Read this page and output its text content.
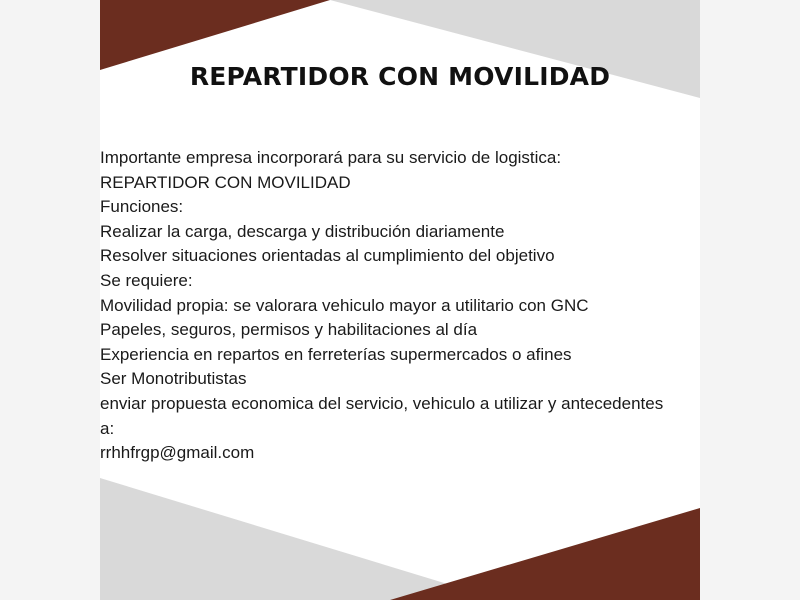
REPARTIDOR CON MOVILIDAD
Importante empresa incorporará para su servicio de logistica:
REPARTIDOR CON MOVILIDAD
Funciones:
Realizar la carga, descarga y distribución diariamente
Resolver situaciones orientadas al cumplimiento del objetivo
Se requiere:
Movilidad propia: se valorara vehiculo mayor a utilitario con GNC
Papeles, seguros, permisos y habilitaciones al día
Experiencia en repartos en ferreterías supermercados o afines
Ser Monotributistas
enviar propuesta economica del servicio, vehiculo a utilizar y antecedentes
a:
rrhhfrgp@gmail.com
